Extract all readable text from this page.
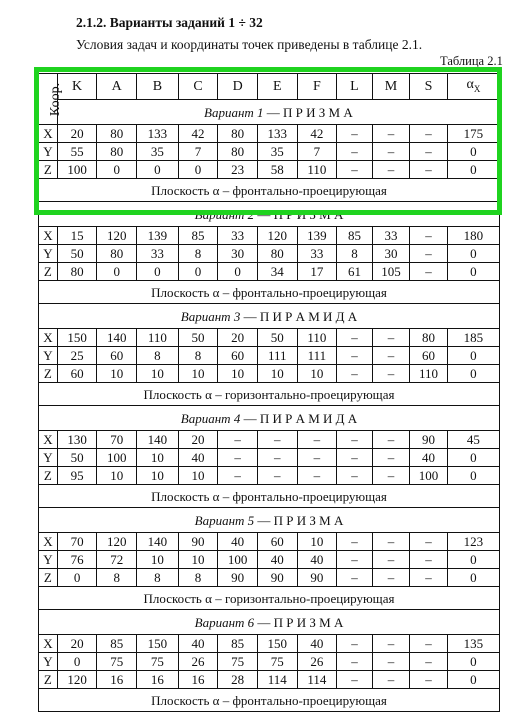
2.1.2. Варианты заданий 1 ÷ 32
Условия задач и координаты точек приведены в таблице 2.1.
Таблица 2.1
Коор.	K	A	B	C	D	E	F	L	M	S	$\alpha_X$
	Вариант 1 — П Р И З М А										
X	20	80	133	42	80	133	42	–	–	–	175
Y	55	80	35	7	80	35	7	–	–	–	0
Z	100	0	0	0	23	58	110	–	–	–	0
Плоскость α – фронтально-проецирующая											
Вариант 2 — П Р И З М А											
X	15	120	139	85	33	120	139	85	33	–	180
Y	50	80	33	8	30	80	33	8	30	–	0
Z	80	0	0	0	0	34	17	61	105	–	0
Плоскость α – фронтально-проецирующая											
Вариант 3 — П И Р А М И Д А											
X	150	140	110	50	20	50	110	–	–	80	185
Y	25	60	8	8	60	111	111	–	–	60	0
Z	60	10	10	10	10	10	10	–	–	110	0
Плоскость α – горизонтально-проецирующая											
Вариант 4 — П И Р А М И Д А											
X	130	70	140	20	–	–	–	–	–	90	45
Y	50	100	10	40	–	–	–	–	–	40	0
Z	95	10	10	10	–	–	–	–	–	100	0
Плоскость α – фронтально-проецирующая											
Вариант 5 — П Р И З М А											
X	70	120	140	90	40	60	10	–	–	–	123
Y	76	72	10	10	100	40	40	–	–	–	0
Z	0	8	8	8	90	90	90	–	–	–	0
Плоскость α – горизонтально-проецирующая											
Вариант 6 — П Р И З М А											
X	20	85	150	40	85	150	40	–	–	–	135
Y	0	75	75	26	75	75	26	–	–	–	0
Z	120	16	16	16	28	114	114	–	–	–	0
Плоскость α – фронтально-проецирующая											
